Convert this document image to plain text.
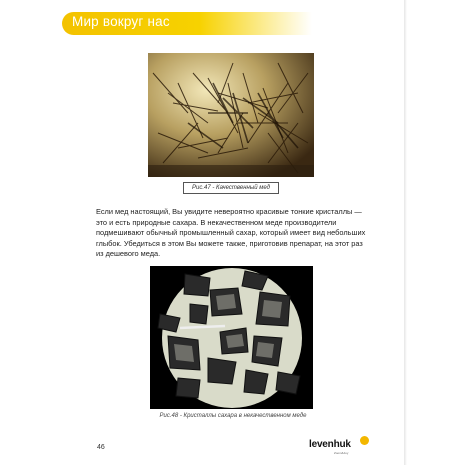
Мир вокруг нас
Рис.47 - Качественный мед
Если мед настоящий, Вы увидите невероятно красивые тонкие кристаллы — это и есть природные сахара. В некачественном меде производители подмешивают обычный промышленный сахар, который имеет вид небольших глыбок. Убедиться в этом Вы можете также, приготовив препарат, на этот раз из дешевого меда.
Рис.48 - Кристаллы сахара в некачественном меде
46	levenhuk
Zoom&Joy
